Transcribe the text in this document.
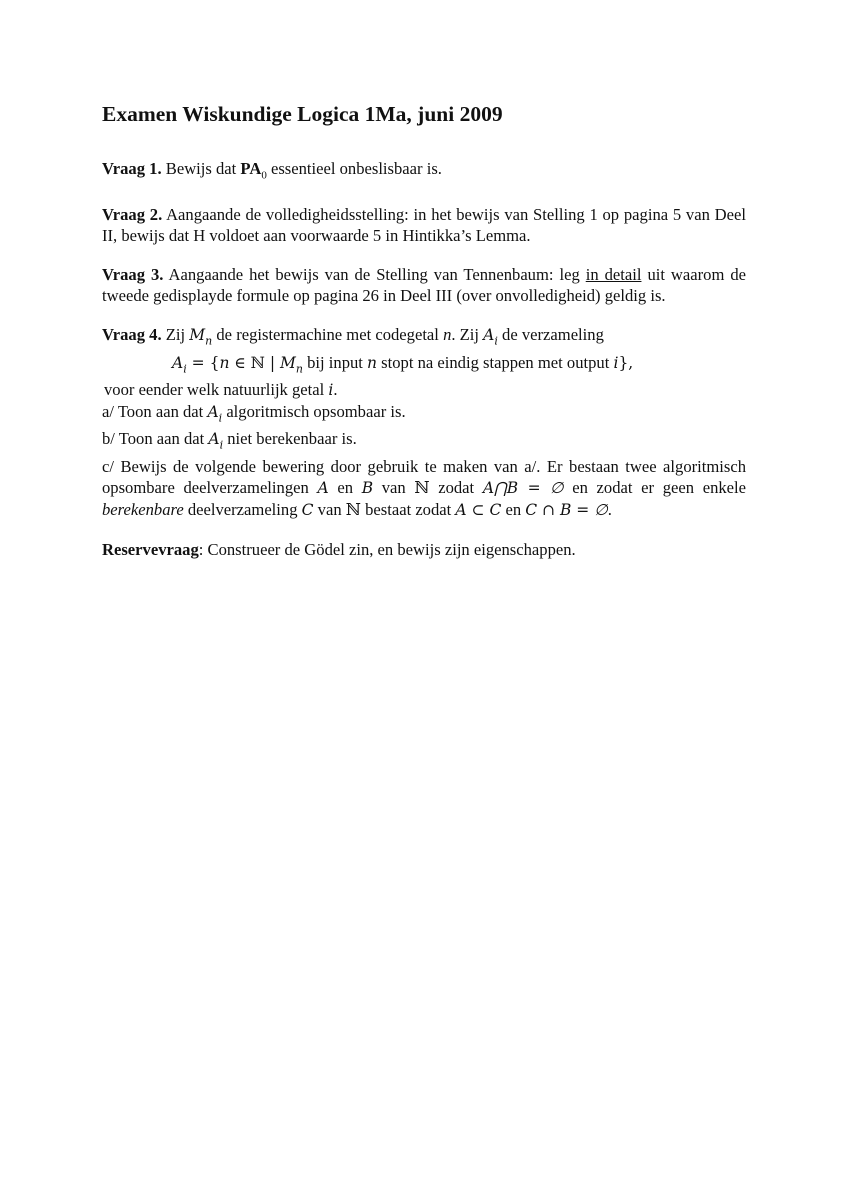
Examen Wiskundige Logica 1Ma, juni 2009

Vraag 1. Bewijs dat $PA_0$ essentieel onbeslisbaar is.

Vraag 2. Aangaande de volledigheidsstelling: in het bewijs van Stelling 1 op pagina 5 van Deel II, bewijs dat H voldoet aan voorwaarde 5 in Hintikka’s Lemma.

Vraag 3. Aangaande het bewijs van de Stelling van Tennenbaum: leg in detail uit waarom de tweede gedisplayde formule op pagina 26 in Deel III (over onvolledigheid) geldig is.

Vraag 4. Zij $M_n$ de registermachine met codegetal n. Zij $A_i$ de verzameling
$A_i = \{n$ ∈ ℕ | $M_n$ bij input n stopt na eindig stappen met output i},
voor eender welk natuurlijk getal i.
a/ Toon aan dat $A_i$ algoritmisch opsombaar is.
b/ Toon aan dat $A_i$ niet berekenbaar is.
c/ Bewijs de volgende bewering door gebruik te maken van a/. Er bestaan twee algoritmisch opsombare deelverzamelingen A en B van ℕ zodat A⋂B = ∅ en zodat er geen enkele berekenbare deelverzameling C van ℕ bestaat zodat A ⊂ C en C ∩ B = ∅.

Reservevraag: Construeer de Gödel zin, en bewijs zijn eigenschappen.
